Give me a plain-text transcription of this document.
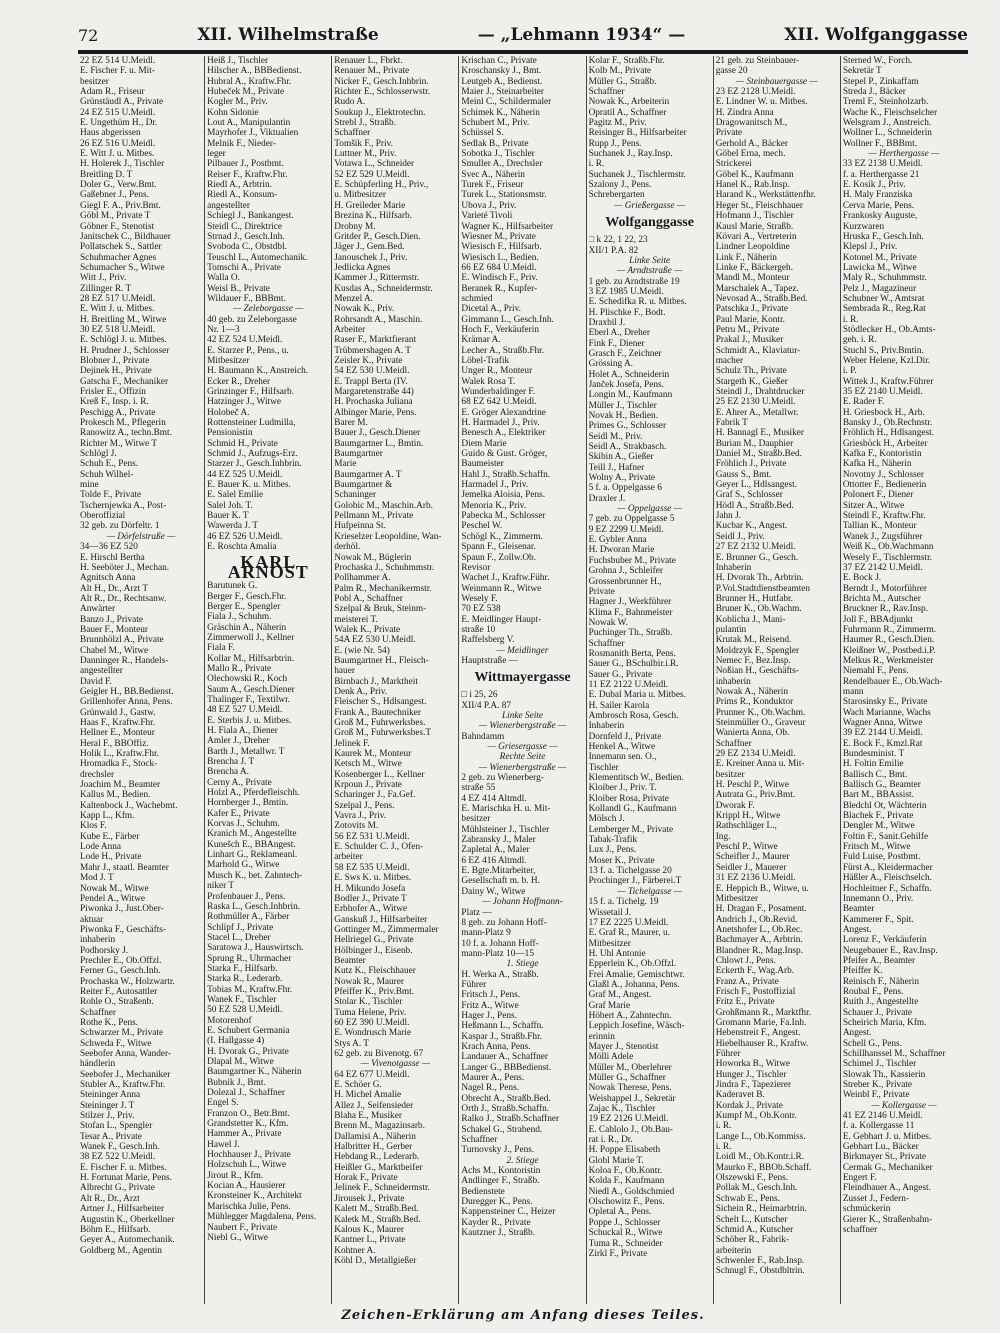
72	XII. Wilhelmstraße	— „Lehmann 1934“ —	XII. Wolfganggasse
22 EZ 514 U.Meidl.
E. Fischer F. u. Mit-
besitzer
Adam R., Friseur
Grünstäudl A., Private
24 EZ 515 U.Meidl.
E. Ungethüm H., Dr.
Haus abgerissen
26 EZ 516 U.Meidl.
E. Witt J. u. Mitbes.
H. Holerek J., Tischler
Breitling D. T
Doler G., Verw.Bmt.
Gaßebner J., Pens.
Giegl F. A., Priv.Bmt.
Göbl M., Private T
Göbner F., Stenotist
Janitschek C., Bildhauer
Pollatschek S., Sattler
Schuhmacher Agnes
Schumacher S., Witwe
Witt J., Priv.
Zillinger R. T
28 EZ 517 U.Meidl.
E. Witt J. u. Mitbes.
H. Breitling M., Witwe
30 EZ 518 U.Meidl.
E. Schlögl J. u. Mitbes.
H. Prudner J., Schlosser
Blobner J., Private
Dejinek H., Private
Gatscha F., Mechaniker
Frisler E., Offizin
Kreß F., Insp. i. R.
Peschigg A., Private
Prokesch M., Pflegerin
Ranowitz A., techn.Bmt.
Richter M., Witwe T
Schlögl J.
Schuh E., Pens.
Schuh Wilhel-
mine
Tolde F., Private
Tschernjewka A., Post-
Oberoffizial
32 geb. zu Dörfeltr. 1
— Dörfelstraße —
34—36 EZ 520
E. Hirschl Bertha
H. Seeböter J., Mechan.
Agnitsch Anna
Alt H., Dr., Arzt T
Alt R., Dr., Rechtsanw.
Anwärter
Banzo J., Private
Bauer F., Monteur
Brunnhölzl A., Private
Chabel M., Witwe
Danninger R., Handels-
angestellter
David F.
Geigler H., BB.Bedienst.
Grillenhofer Anna, Pens.
Grünwald J., Gastw.
Haas F., Kraftw.Fhr.
Hellner E., Monteur
Heral F., BBOffiz.
Holik L., Kraftw.Fhr.
Hromadka F., Stock-
drechsler
Joachim M., Beamter
Kallus M., Bedien.
Kaltenbock J., Wachebmt.
Kapp L., Kfm.
Klos F.
Kube E., Färber
Lode Anna
Lode H., Private
Mahr J., staatl. Beamter
Mod J. T
Nowak M., Witwe
Pendel A., Witwe
Piwonka J., Just.Ober-
aktuar
Piwonka F., Geschäfts-
inhaberin
Podhorsky J.
Prechler E., Ob.Offzl.
Ferner G., Gesch.Inh.
Prochaska W., Holzwartr.
Reiter F., Autosattler
Rohle O., Straßenb.
Schaffner
Rothe K., Pens.
Schwarzer M., Private
Schweda F., Witwe
Seebofer Anna, Wander-
händlerin
Seebofer J., Mechaniker
Stubler A., Kraftw.Fhr.
Steininger Anna
Steininger J. T
Stilzer J., Priv.
Stofan L., Spengler
Tesar A., Private
Wanek F., Gesch.Inh.
38 EZ 522 U.Meidl.
E. Fischer F. u. Mitbes.
H. Fortunat Marie, Pens.
Albrecht G., Private
Alt R., Dr., Arzt
Artner J., Hilfsarbeiter
Augustin K., Oberkellner
Böhm E., Hilfsarb.
Geyer A., Automechanik.
Goldberg M., Agentin
Heiß J., Tischler
Hilscher A., BBBedienst.
Hubral A., Kraftw.Fhr.
Hubeček M., Private
Kogler M., Priv.
Kohn Sidonie
Lout A., Manipulantin
Mayrhofer J., Viktualien
Melnik F., Nieder-
leger
Pilbauer J., Postbmt.
Reiser F., Kraftw.Fhr.
Riedl A., Arbtrin.
Riedl A., Konsum-
angestellter
Schiegl J., Bankangest.
Steidl C., Direktrice
Strnad J., Gesch.Inh.
Svoboda C., Obstdbl.
Teuschl L., Automechanik.
Tomschi A., Private
Walla O.
Weisl B., Private
Wildauer F., BBBmt.
— Zeleborgasse —
40 geb. zu Zeleborgasse
Nr. 1—3
42 EZ 524 U.Meidl.
E. Starzer P., Pens., u.
Mitbesitzer
H. Baumann K., Anstreich.
Ecker R., Dreher
Grinzinger F., Hilfsarb.
Hatzinger J., Witwe
Holobeč A.
Rottensteiner Ludmilla,
Pensionistin
Schmid H., Private
Schmid J., Aufzugs-Erz.
Starzer J., Gesch.Inhbrin.
44 EZ 525 U.Meidl.
E. Bauer K. u. Mitbes.
E. Salel Emilie
Salel Joh. T.
Bauer K. T
Wawerda J. T
46 EZ 526 U.Meidl.
E. Roschta Amalia
KARL ARNOST
Barutunek G.
Berger F., Gesch.Fhr.
Berger E., Spengler
Fiala J., Schuhm.
Gräschin A., Näherin
Zimmerwoll J., Kellner
Fiala F.
Kollar M., Hilfsarbtrin.
Mallo R., Private
Olechowski R., Koch
Saum A., Gesch.Diener
Thalinger F., Textilwr.
48 EZ 527 U.Meidl.
E. Sterbis J. u. Mitbes.
H. Fiala A., Diener
Amler J., Dreher
Barth J., Metallwr. T
Brencha J. T
Brencha A.
Cerny A., Private
Holzl A., Pferdefleischh.
Hornberger J., Bmtin.
Kafer E., Private
Korvas J., Schuhm.
Kranich M., Angestellte
Kunešch E., BBAngest.
Linhart G., Reklameanl.
Marhold G., Witwe
Musch K., bet. Zahntech-
niker T
Profenbauer J., Pens.
Raska L., Gesch.Inhbrin.
Rothmüller A., Färber
Schlipf J., Private
Stacel L., Dreher
Saratowa J., Hauswirtsch.
Sprung R., Uhrmacher
Starka F., Hilfsarb.
Starka R., Lederarb.
Tobias M., Kraftw.Fhr.
Wanek F., Tischler
50 EZ 528 U.Meidl.
Motorenhof
E. Schubert Germania
(I. Hallgasse 4)
H. Dvorak G., Private
Dlapal M., Witwe
Baumgartner K., Näherin
Bubnik J., Bmt.
Dolezal J., Schaffner
Engel S.
Franzon O., Betr.Bmt.
Grandstetter K., Kfm.
Hammer A., Private
Hawel J.
Hochhauser J., Private
Holzschuh L., Witwe
Jirout R., Kfm.
Kocian A., Hausierer
Kronsteiner K., Architekt
Marischka Julie, Pens.
Mühlegger Magdalena, Pens.
Naubert F., Private
Niebl G., Witwe
Renauer L., Fbrkt.
Renauer M., Private
Nicker F., Gesch.Inhbrin.
Richter E., Schlosserwstr.
Rudo A.
Soukup J., Elektrotechn.
Strebl J., Straßb.
Schaffner
Tomšik F., Priv.
Luttner M., Priv.
Votawa L., Schneider
52 EZ 529 U.Meidl.
E. Schüpferling H., Priv.,
u. Mitbesitzer
H. Greileder Marie
Brezina K., Hilfsarb.
Drobny M.
Gritder P., Gesch.Dien.
Jäger J., Gem.Bed.
Janouschek J., Priv.
Jedlicka Agnes
Kammer J., Rittermstr.
Kusdas A., Schneidermstr.
Menzel A.
Nowak K., Priv.
Rohrsandt A., Maschin.
Arbeiter
Raser F., Marktfierant
Trübmershagen A. T
Zeisler K., Private
54 EZ 530 U.Meidl.
E. Trappl Berta (IV.
Margaretenstraße 44)
H. Prochaska Juliana
Albinger Marie, Pens.
Barer M.
Bauer J., Gesch.Diener
Baumgartner L., Bmtin.
Baumgartner
Marie
Baumgartner A. T
Baumgartner &
Schaninger
Golobic M., Maschin.Arb.
Pellmann M., Private
Hufpeinna St.
Krieselzer Leopoldine, Wan-
derhöl.
Nowak M., Büglerin
Prochaska J., Schuhmmstr.
Pollhammer A.
Palm R., Mechanikermstr.
Pobl A., Schaffner
Szelpal & Bruk, Steinm-
meisterei T.
Walek K., Private
54A EZ 530 U.Meidl.
E. (wie Nr. 54)
Baumgartner H., Fleisch-
hauer
Birnbach J., Marktheit
Denk A., Priv.
Fleischer S., Hdlsangest.
Frank A., Bautechniker
Groß M., Fuhrwerksbes.
Groß M., Fuhrwerksbes.T
Jelinek F.
Kaurek M., Monteur
Ketsch M., Witwe
Kosenberger L., Kellner
Krpoun J., Private
Scharinger J., Fa.Gef.
Szelpal J., Pens.
Vavra J., Priv.
Zotovits M.
56 EZ 531 U.Meidl.
E. Schulder C. J., Ofen-
arbeiter
58 EZ 535 U.Meidl.
E. Sws K. u. Mitbes.
H. Mikundo Josefa
Bodler J., Private T
Erbhofer A., Witwe
Ganskuß J., Hilfsarbeiter
Gottinger M., Zimmermaler
Hellriegel G., Private
Hölbinger J., Eisenb.
Beamter
Kutz K., Fleischhauer
Nowak R., Maurer
Pfeiffer K., Priv.Bmt.
Stolar K., Tischler
Tuma Helene, Priv.
60 EZ 390 U.Meidl.
E. Wondrusch Marie
Stys A. T
62 geb. zu Bivenotg. 67
— Vivenotgasse —
64 EZ 677 U.Meidl.
E. Schöer G.
H. Michel Amalie
Allez J., Seifensieder
Blaha E., Musiker
Brenn M., Magazinsarb.
Dallamisi A., Näherin
Halbritter H., Gerber
Hebdang R., Lederarb.
Heißler G., Marktbeifer
Horak F., Private
Jelinek F., Schneidermstr.
Jirousek J., Private
Kalett M., Straßb.Bed.
Kaletk M., Straßb.Bed.
Kalous K., Maurer
Kantner L., Private
Kohtner A.
Köhl D., Metallgießer
Krischan C., Private
Kroschansky J., Bmt.
Leutgeb A., Bedienst.
Maier J., Steinarbeiter
Meinl C., Schildermaler
Schimek K., Näherin
Schubert M., Priv.
Schüssel S.
Sedlak B., Private
Sobotka J., Tischler
Smuller A., Drechsler
Svec A., Näherin
Turek F., Friseur
Turek L., Stationsmstr.
Ubova J., Priv.
Varieté Tivoli
Wagner K., Hilfsarbeiter
Wiesner M., Private
Wiesisch F., Hilfsarb.
Wiesisch L., Bedien.
66 EZ 684 U.Meidl.
E. Windisch F., Priv.
Beranek R., Kupfer-
schmied
Dicetal A., Priv.
Gimmann L., Gesch.Inh.
Hoch F., Verkäuferin
Krämar A.
Lecher A., Straßb.Fhr.
Löbel-Trafik
Unger R., Monteur
Walek Rosa T.
Wunderbaldinger F.
68 EZ 642 U.Meidl.
E. Gröger Alexandrine
H. Harmadel J., Priv.
Benesch A., Elektriker
Diem Marie
Guido & Gust. Gröger,
Baumeister
Hahl J., Straßb.Schaffn.
Harmadel J., Priv.
Jemelka Aloisia, Pens.
Menoria K., Priv.
Pabecka M., Schlosser
Peschel W.
Schögl K., Zimmerm.
Spann F., Gleisenar.
Spaun F., Zollw.Ob.
Revisor
Wachet J., Kraftw.Führ.
Weinmann R., Witwe
Wesely F.
70 EZ 538
E. Meidlinger Haupt-
straße 10
Raffelsberg V.
— Meidlinger
Hauptstraße —
Wittmayergasse
□ i 25, 26
XII/4 P.A. 87
Linke Seite
— Wienerbergstraße —
Bahndamm
— Griesergasse —
Rechte Seite
— Wienerbergstraße —
2 geb. zu Wienerberg-
straße 55
4 EZ 414 Altmdl.
E. Marischka H. u. Mit-
besitzer
Mühlsteiner J., Tischler
Zabransky J., Maler
Zapletal A., Maler
6 EZ 416 Altmdl.
E. Bgte.Mitarbeiter,
Gesellschaft m. b. H.
Dainy W., Witwe
— Johann Hoffmann-
Platz —
8 geb. zu Johann Hoff-
mann-Platz 9
10 f. a. Johann Hoff-
mann-Platz 10—15
1. Stiege
H. Werka A., Straßb.
Führer
Fritsch J., Pens.
Fritz A., Witwe
Hager J., Pens.
Heßmann L., Schaffn.
Kaspar J., Straßb.Fhr.
Krach Anna, Pens.
Landauer A., Schaffner
Langer G., BBBedienst.
Maurer A., Pens.
Nagel R., Pens.
Obrecht A., Straßb.Bed.
Orth J., Straßb.Schaffn.
Ralko J., Straßb.Schaffner
Schakel G., Strabend.
Schaffner
Turnovsky J., Pens.
2. Stiege
Achs M., Kontoristin
Andlinger F., Straßb.
Bedienstete
Duregger K., Pens.
Kappensteiner C., Heizer
Kayder R., Private
Kautzner J., Straßb.
Kolar F., Straßb.Fhr.
Kolb M., Private
Müller G., Straßb.
Schaffner
Nowak K., Arbeiterin
Opratil A., Schaffner
Pagitz M., Priv.
Reisinger B., Hilfsarbeiter
Rupp J., Pens.
Suchanek J., Ray.Insp.
i. R.
Suchanek J., Tischlermstr.
Szalony J., Pens.
Schrebergarten
— Grießergasse —
Wolfganggasse
□ k 22, 1 22, 23
XII/1 P.A. 82
Linke Seite
— Arndtstraße —
1 geb. zu Arndtstraße 19
3 EZ 1985 U.Meidl.
E. Schedifka R. u. Mitbes.
H. Plischke F., Bodt.
Draxbil J.
Eberl A., Dreher
Fink F., Diener
Grasch F., Zeichner
Grössing A.
Holet A., Schneiderin
Janček Josefa, Pens.
Longin M., Kaufmann
Müller J., Tischler
Novak H., Bedien.
Primes G., Schlosser
Seidl M., Priv.
Seidl A., Strakbasch.
Skibin A., Gießer
Teill J., Hafner
Wolny A., Private
5 f. a. Oppelgasse 6
Draxler J.
— Oppelgasse —
7 geb. zu Oppelgasse 5
9 EZ 2299 U.Meidl.
E. Gybler Anna
H. Dworan Marie
Fuchsbuber M., Private
Grohna J., Schleifer
Grossenbrunner H.,
Private
Hagner J., Werkführer
Klima F., Bahnmeister
Nowak W.
Puchinger Th., Straßb.
Schaffner
Rosmanith Berta, Pens.
Sauer G., BSchulbir.i.R.
Sauer G., Private
11 EZ 2122 U.Meidl.
E. Dubal Maria u. Mitbes.
H. Sailer Karola
Ambrosch Rosa, Gesch.
Inhaberin
Dornfeld J., Private
Henkel A., Witwe
Innemann sen. O.,
Tischler
Klementitsch W., Bedien.
Kloiber J., Priv. T.
Kloiber Rosa, Private
Kollandl G., Kaufmann
Mölsch J.
Lemberger M., Private
Tabak-Trafik
Lux J., Pens.
Moser K., Private
13 f. a. Tichelgasse 20
Prochinger J., Färberei.T
— Tichelgasse —
15 f. a. Tichelg. 19
Wissetail J.
17 EZ 2225 U.Meidl.
E. Graf R., Maurer, u.
Mitbesitzer
H. Uhl Antonie
Epperlein K., Ob.Offzl.
Frei Amalie, Gemischtwr.
Glaßl A., Johanna, Pens.
Graf M., Angest.
Graf Marie
Höbert A., Zahntechn.
Leppich Josefine, Wäsch-
erinnin
Mayer J., Stenotist
Mölli Adele
Müller M., Oberlehrer
Müller G., Schaffner
Nowak Therese, Pens.
Weishappel J., Sekretär
Zajac K., Tischler
19 EZ 2126 U.Meidl.
E. Cablolo J., Ob.Bau-
rat i. R., Dr.
H. Poppe Elisabeth
Globl Marie T.
Koloa F., Ob.Kontr.
Kolda F., Kaufmann
Niedl A., Goldschmied
Olschowitz F., Pens.
Opletal A., Pens.
Poppe J., Schlosser
Schuckal R., Witwe
Tuma R., Schneider
Zirkl F., Private
21 geb. zu Steinbauer-
gasse 20
— Steinbauergasse —
23 EZ 2128 U.Meidl.
E. Lindner W. u. Mitbes.
H. Zindra Anna
Dragowanitsch M.,
Private
Gerhold A., Bäcker
Göbel Erna, mech.
Strickerei
Göbel K., Kaufmann
Hanel K., Rab.Insp.
Harand K., Werkstättenfhr.
Heger St., Fleischhauer
Hofmann J., Tischler
Kausl Marie, Straßb.
Kövari A., Vertreterin
Lindner Leopoldine
Link F., Näherin
Linke F., Bäckergeh.
Mandl M., Monteur
Marschalek A., Tapez.
Nevosad A., Straßb.Bed.
Patschka J., Private
Paul Marie, Kontr.
Petru M., Private
Prakal J., Musiker
Schmidt A., Klaviatur-
macher
Schulz Th., Private
Stargeth K., Gießer
Steindl J., Drahtdrucker
25 EZ 2130 U.Meidl.
E. Ahrer A., Metallwr.
Fabrik T
H. Bannagl E., Musiker
Burian M., Dauphier
Daniel M., Straßb.Bed.
Fröhlich J., Private
Gauss S., Bmt.
Geyer L., Hdlsangest.
Graf S., Schlosser
Hödl A., Straßb.Bed.
Jahn J.
Kucbar K., Angest.
Seidl J., Priv.
27 EZ 2132 U.Meidl.
E. Brunner G., Gesch.
Inhaberin
H. Dvorak Th., Arbtrin.
P.Vol.Stadtdienstbeamten
Brunner H., Hutfabr.
Bruner K., Ob.Wachm.
Koblicha J., Mani-
pulantin
Krutak M., Reisend.
Moldrzyk F., Spengler
Nemec F., Bez.Insp.
Noßian H., Geschäfts-
inhaberin
Nowak A., Näherin
Prims R., Konduktor
Prunner K., Ob.Wachm.
Steinmüller O., Graveur
Wanierta Anna, Ob.
Schaffner
29 EZ 2134 U.Meidl.
E. Kreiner Anna u. Mit-
besitzer
H. Peschl P., Witwe
Autrata G., Priv.Bmt.
Dworak F.
Krippl H., Witwe
Rathschläger L.,
Ing.
Peschl P., Witwe
Scheifler J., Maurer
Seidler J., Mauerer
31 EZ 2136 U.Meidl.
E. Heppich B., Witwe, u.
Mitbesitzer
H. Dragan F., Posament.
Andrich J., Ob.Revid.
Anetshofer L., Ob.Rec.
Bachmayer A., Arbtrin.
Blandner R., Mag.Insp.
Chlowt J., Pens.
Eckerth F., Wag.Arb.
Franz A., Private
Frisch F., Postoffizial
Fritz E., Private
Grohßmann R., Marktfhr.
Gromann Marie, Fa.Inh.
Hebenstreit F., Angest.
Hiebelhauser R., Kraftw.
Führer
Howorka B., Witwe
Hunger J., Tischler
Jindra F., Tapezierer
Kaderavet B.
Kordak J., Private
Kumpf M., Ob.Kontr.
i. R.
Lange L., Ob.Kommiss.
i. R.
Loidl M., Ob.Kontr.i.R.
Maurko F., BBOb.Schaff.
Olszewski F., Pens.
Pollak M., Gesch.Inh.
Schwab E., Pens.
Sichein R., Heimarbtrin.
Schelt L., Kutscher
Schmid A., Kutscher
Schöber R., Fabrik-
arbeiterin
Schwenler F., Rab.Insp.
Schnugl F., Obstdbltrin.
Sterned W., Forch.
Sekretär T
Stepel P., Zinkaffam
Streda J., Bäcker
Treml F., Steinholzarb.
Wache K., Fleischselcher
Welsgram J., Anstreich.
Wollner L., Schneiderin
Wollner F., BBBmt.
— Herthergasse —
33 EZ 2138 U.Meidl.
f. a. Herthergasse 21
E. Kosik J., Priv.
H. Maly Franziska
Cerva Marie, Pens.
Frankosky Auguste,
Kurzwaren
Hruska F., Gesch.Inh.
Klepsl J., Priv.
Kotonel M., Private
Lawicka M., Witwe
Maly R., Schuhmmstr.
Pelz J., Magazineur
Schubner W., Amtsrat
Sembrada R., Reg.Rat
i. R.
Stödlecker H., Ob.Amts-
geh. i. R.
Stuchl S., Priv.Bmtin.
Weber Helene, Kzl.Dir.
i. P.
Wittek J., Kraftw.Führer
35 EZ 2140 U.Meidl.
E. Rader F.
H. Griesbock H., Arb.
Bansky J., Ob.Rechnstr.
Fröhlich H., Hdlsangest.
Griesböck H., Arbeiter
Kafka F., Kontoristin
Kafka H., Näherin
Novotny J., Schlosser
Ottotter F., Bedienerin
Polonert F., Diener
Sitzer A., Witwe
Steindl F., Kraftw.Fhr.
Tallian K., Monteur
Wanek J., Zugsführer
Weiß K., Ob.Wachmann
Wesely F., Tischlermstr.
37 EZ 2142 U.Meidl.
E. Bock J.
Berndt J., Motorführer
Brichta M., Autscher
Bruckner R., Rav.Insp.
Joll F., BBAdjunkt
Fuhrmann R., Zimmerm.
Haumer R., Gesch.Dien.
Kleißner W., Postbed.i.P.
Melkus R., Werkmeister
Niemahl F., Pens.
Rendelbauer E., Ob.Wach-
mann
Starosinsky E., Private
Wach Marianne, Wachs
Wagner Anna, Witwe
39 EZ 2144 U.Meidl.
E. Bock F., Kmzl.Rat
Bundesminist. T
H. Foltin Emilie
Ballisch C., Bmt.
Ballisch G., Beamter
Bart M., BBAssist.
Bledchl Ot, Wächterin
Blachek F., Private
Dengler M., Witwe
Foltin F., Sanit.Gehilfe
Fritsch M., Witwe
Fuld Luise, Postbmt.
Fürst A., Kleidermacher
Häßler A., Fleischselch.
Hochleitner F., Schaffn.
Innemann O., Priv.
Beamter
Kammerer F., Spit.
Angest.
Lorenz F., Verkäuferin
Neugebauer E., Rav.Insp.
Pfeifer A., Beamter
Pfeiffer K.
Reinisch F., Näherin
Roubal F., Pens.
Ruith J., Angestellte
Schauer J., Private
Scheirich Maria, Kfm.
Angest.
Schell G., Pens.
Schillhanssel M., Schaffner
Schimel J., Tischler
Slowak Th., Kassierin
Streber K., Private
Weinbl F., Private
— Kollergasse —
41 EZ 2146 U.Meidl.
f. a. Kollergasse 11
E. Gebhart J. u. Mitbes.
Gebhart Lu., Bäcker
Birkmayer St., Private
Cermak G., Mechaniker
Engert F.
Fleindbauer A., Angest.
Zusset J., Federn-
schmückerin
Gierer K., Straßenbahn-
schaffner
Zeichen-Erklärung am Anfang dieses Teiles.
